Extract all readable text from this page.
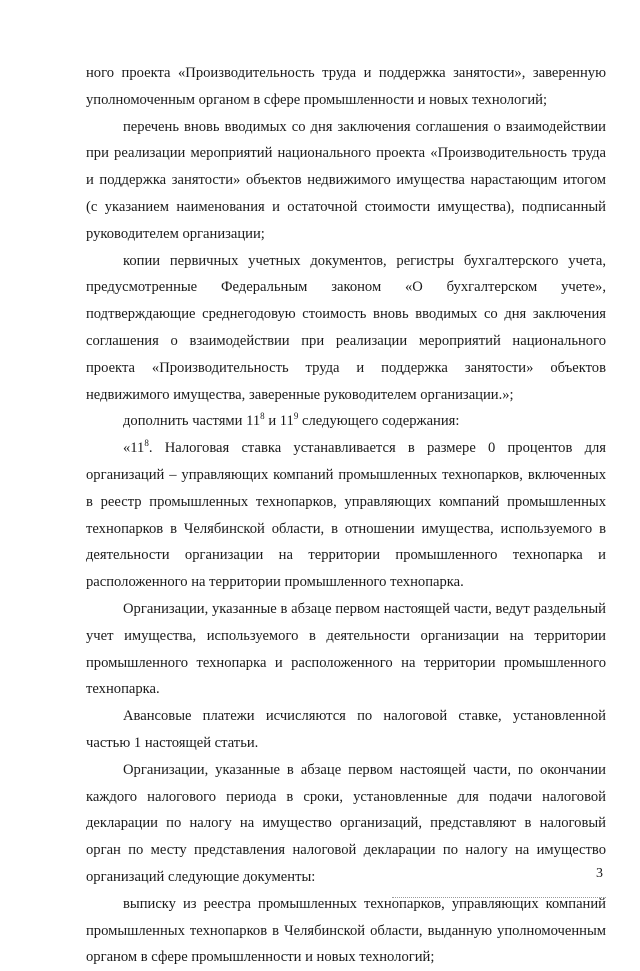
ного проекта «Производительность труда и поддержка занятости», заверенную уполномоченным органом в сфере промышленности и новых технологий;

перечень вновь вводимых со дня заключения соглашения о взаимодействии при реализации мероприятий национального проекта «Производительность труда и поддержка занятости» объектов недвижимого имущества нарастающим итогом (с указанием наименования и остаточной стоимости имущества), подписанный руководителем организации;

копии первичных учетных документов, регистры бухгалтерского учета, предусмотренные Федеральным законом «О бухгалтерском учете», подтверждающие среднегодовую стоимость вновь вводимых со дня заключения соглашения о взаимодействии при реализации мероприятий национального проекта «Производительность труда и поддержка занятости» объектов недвижимого имущества, заверенные руководителем организации.»;

дополнить частями $11^8$ и $11^9$ следующего содержания:

«$11^8$. Налоговая ставка устанавливается в размере 0 процентов для организаций – управляющих компаний промышленных технопарков, включенных в реестр промышленных технопарков, управляющих компаний промышленных технопарков в Челябинской области, в отношении имущества, используемого в деятельности организации на территории промышленного технопарка и расположенного на территории промышленного технопарка.

Организации, указанные в абзаце первом настоящей части, ведут раздельный учет имущества, используемого в деятельности организации на территории промышленного технопарка и расположенного на территории промышленного технопарка.

Авансовые платежи исчисляются по налоговой ставке, установленной частью 1 настоящей статьи.

Организации, указанные в абзаце первом настоящей части, по окончании каждого налогового периода в сроки, установленные для подачи налоговой декларации по налогу на имущество организаций, представляют в налоговый орган по месту представления налоговой декларации по налогу на имущество организаций следующие документы:

выписку из реестра промышленных технопарков, управляющих компаний промышленных технопарков в Челябинской области, выданную уполномоченным органом в сфере промышленности и новых технологий;

3
